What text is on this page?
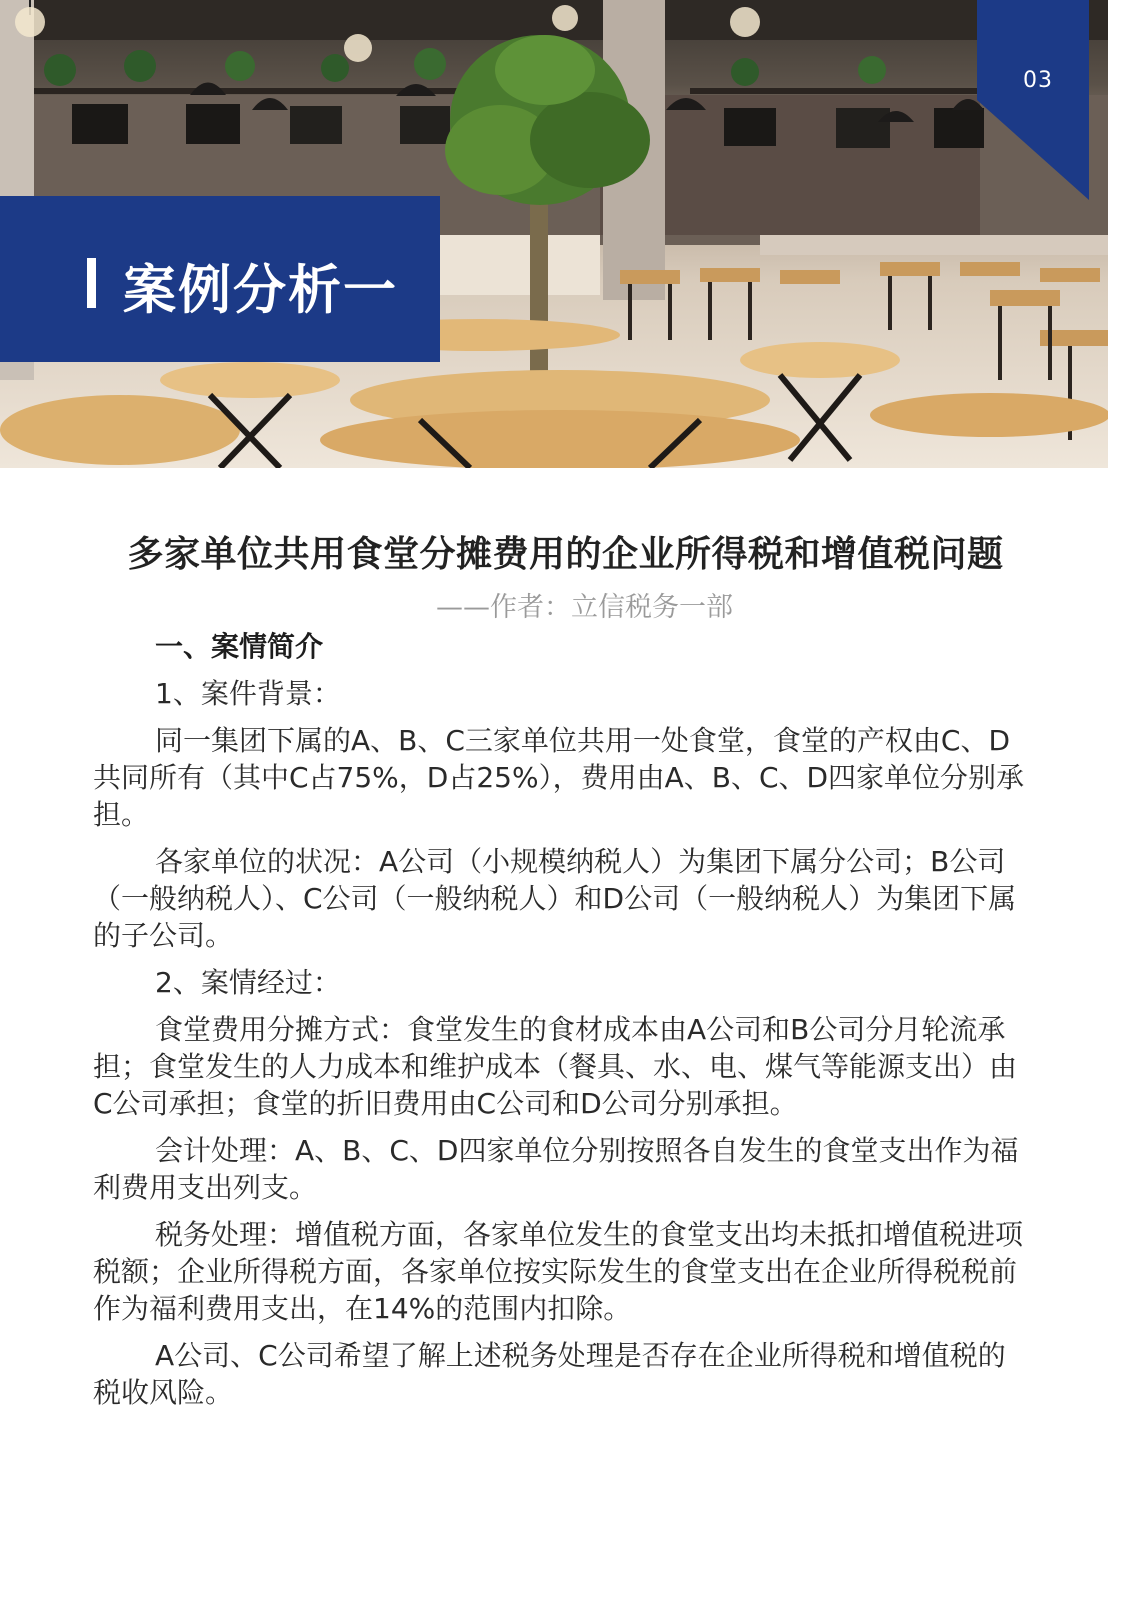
03
案例分析一
多家单位共用食堂分摊费用的企业所得税和增值税问题
——作者：立信税务一部

一、案情简介

1、案件背景：

同一集团下属的A、B、C三家单位共用一处食堂，食堂的产权由C、D共同所有（其中C占75%，D占25%），费用由A、B、C、D四家单位分别承担。

各家单位的状况：A公司（小规模纳税人）为集团下属分公司；B公司（一般纳税人）、C公司（一般纳税人）和D公司（一般纳税人）为集团下属的子公司。

2、案情经过：

食堂费用分摊方式：食堂发生的食材成本由A公司和B公司分月轮流承担；食堂发生的人力成本和维护成本（餐具、水、电、煤气等能源支出）由C公司承担；食堂的折旧费用由C公司和D公司分别承担。

会计处理：A、B、C、D四家单位分别按照各自发生的食堂支出作为福利费用支出列支。

税务处理：增值税方面，各家单位发生的食堂支出均未抵扣增值税进项税额；企业所得税方面，各家单位按实际发生的食堂支出在企业所得税税前作为福利费用支出，在14%的范围内扣除。

A公司、C公司希望了解上述税务处理是否存在企业所得税和增值税的税收风险。
